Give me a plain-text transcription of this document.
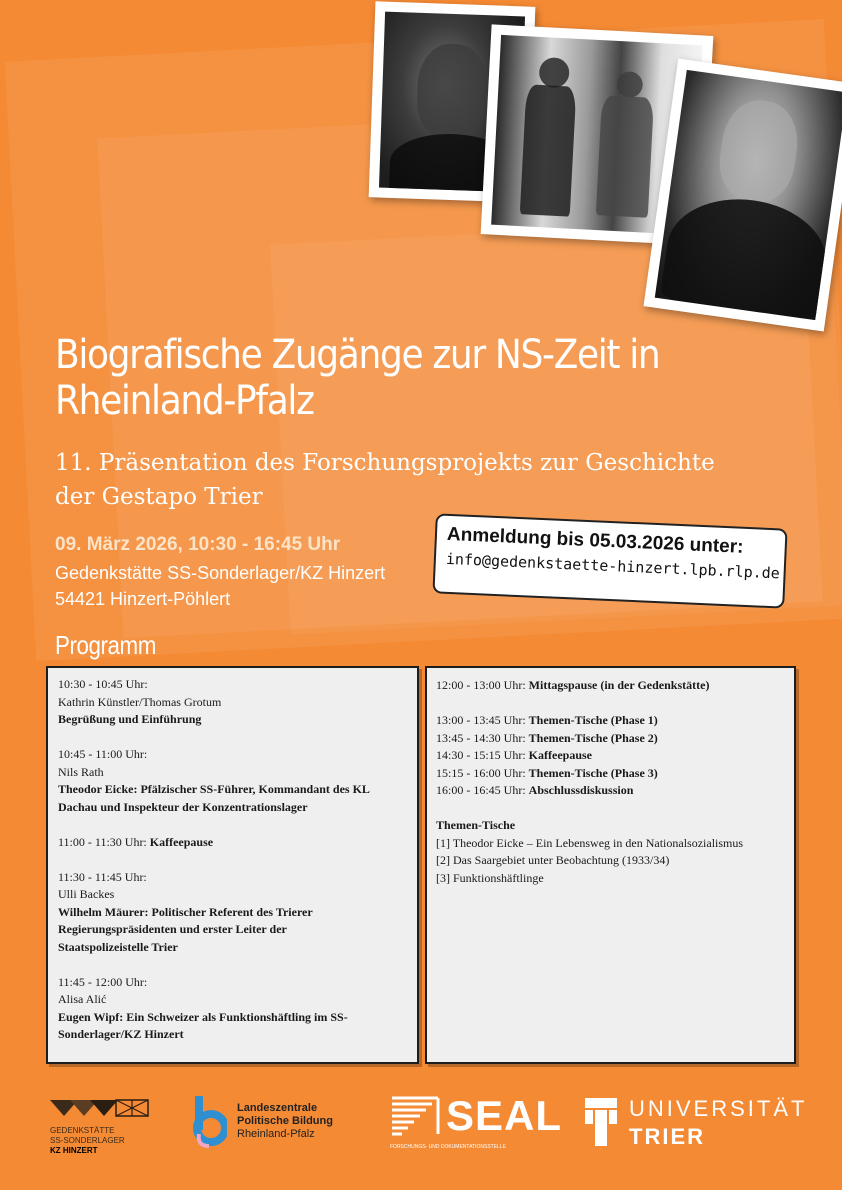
Biografische Zugänge zur NS-Zeit in
Rheinland-Pfalz
11. Präsentation des Forschungsprojekts zur Geschichte
der Gestapo Trier
09. März 2026, 10:30 - 16:45 Uhr
Gedenkstätte SS-Sonderlager/KZ Hinzert
54421 Hinzert-Pöhlert
Anmeldung bis 05.03.2026 unter:
info@gedenkstaette-hinzert.lpb.rlp.de
Programm
10:30 - 10:45 Uhr:
Kathrin Künstler/Thomas Grotum
Begrüßung und Einführung
10:45 - 11:00 Uhr:
Nils Rath
Theodor Eicke: Pfälzischer SS-Führer, Kommandant des KL
Dachau und Inspekteur der Konzentrationslager
11:00 - 11:30 Uhr: Kaffeepause
11:30 - 11:45 Uhr:
Ulli Backes
Wilhelm Mäurer: Politischer Referent des Trierer
Regierungspräsidenten und erster Leiter der
Staatspolizeistelle Trier
11:45 - 12:00 Uhr:
Alisa Alić
Eugen Wipf: Ein Schweizer als Funktionshäftling im SS-
Sonderlager/KZ Hinzert
12:00 - 13:00 Uhr: Mittagspause (in der Gedenkstätte)
13:00 - 13:45 Uhr: Themen-Tische (Phase 1)
13:45 - 14:30 Uhr: Themen-Tische (Phase 2)
14:30 - 15:15 Uhr: Kaffeepause
15:15 - 16:00 Uhr: Themen-Tische (Phase 3)
16:00 - 16:45 Uhr: Abschlussdiskussion
Themen-Tische
[1] Theodor Eicke – Ein Lebensweg in den Nationalsozialismus
[2] Das Saargebiet unter Beobachtung (1933/34)
[3] Funktionshäftlinge
GEDENKSTÄTTE
SS-SONDERLAGER
KZ HINZERT
Landeszentrale
Politische Bildung
Rheinland-Pfalz	SEAL
FORSCHUNGS- UND DOKUMENTATIONSSTELLE
UNIVERSITÄT
TRIER
